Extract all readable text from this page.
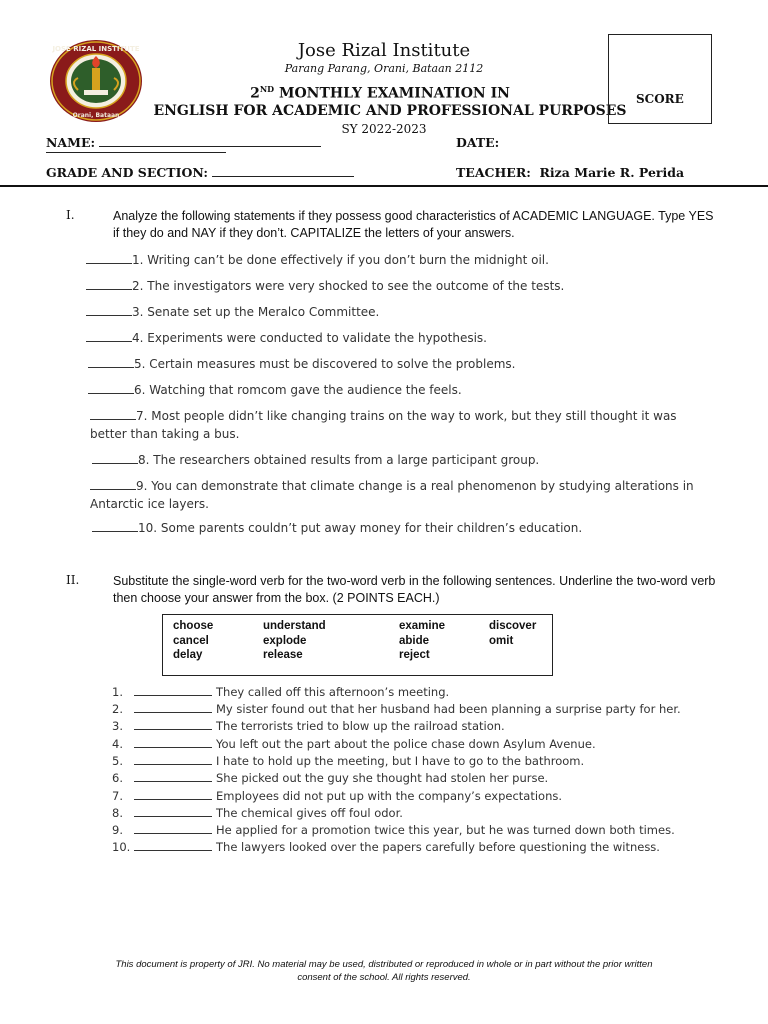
JOSE RIZAL INSTITUTE
Orani, Bataan
Jose Rizal Institute
Parang Parang, Orani, Bataan 2112
2ND MONTHLY EXAMINATION IN
ENGLISH FOR ACADEMIC AND PROFESSIONAL PURPOSES
SY 2022-2023
SCORE
NAME:	DATE:
GRADE AND SECTION:	TEACHER: Riza Marie R. Perida
I.	Analyze the following statements if they possess good characteristics of ACADEMIC LANGUAGE. Type YES if they do and NAY if they don’t. CAPITALIZE the letters of your answers.
1. Writing can’t be done effectively if you don’t burn the midnight oil.
2. The investigators were very shocked to see the outcome of the tests.
3. Senate set up the Meralco Committee.
4. Experiments were conducted to validate the hypothesis.
5. Certain measures must be discovered to solve the problems.
6. Watching that romcom gave the audience the feels.
7. Most people didn’t like changing trains on the way to work, but they still thought it was better than taking a bus.
8. The researchers obtained results from a large participant group.
9. You can demonstrate that climate change is a real phenomenon by studying alterations in Antarctic ice layers.
10. Some parents couldn’t put away money for their children’s education.
II.	Substitute the single-word verb for the two-word verb in the following sentences. Underline the two-word verb then choose your answer from the box. (2 POINTS EACH.)
choose	understand	examine	discover
cancel	explode	abide	omit
delay	release	reject
1.	They called off this afternoon’s meeting.
2.	My sister found out that her husband had been planning a surprise party for her.
3.	The terrorists tried to blow up the railroad station.
4.	You left out the part about the police chase down Asylum Avenue.
5.	I hate to hold up the meeting, but I have to go to the bathroom.
6.	She picked out the guy she thought had stolen her purse.
7.	Employees did not put up with the company’s expectations.
8.	The chemical gives off foul odor.
9.	He applied for a promotion twice this year, but he was turned down both times.
10.	The lawyers looked over the papers carefully before questioning the witness.
This document is property of JRI. No material may be used, distributed or reproduced in whole or in part without the prior written
consent of the school. All rights reserved.
